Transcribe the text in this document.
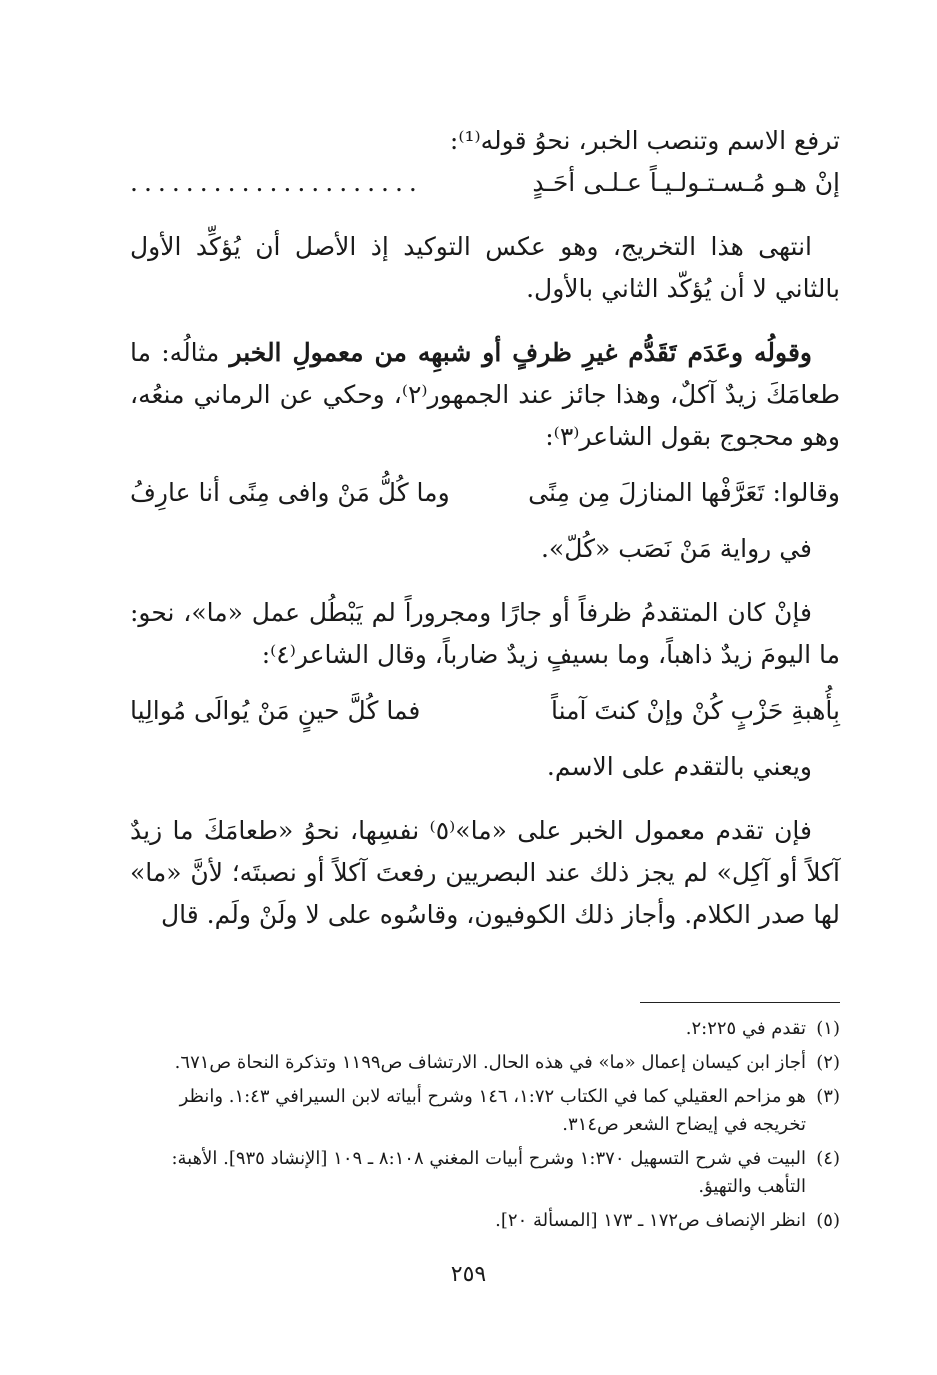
ترفع الاسم وتنصب الخبر، نحوُ قوله⁽¹⁾:

إنْ هـو مُـسـتـولـيـاً عـلـى أحَـدٍ
.....................

انتهى هذا التخريج، وهو عكس التوكيد إذ الأصل أن يُؤكِّد الأول بالثاني لا أن يُؤكّد الثاني بالأول.

وقولُه وعَدَم تَقَدُّم غيرِ ظرفٍ أو شبهِه من معمولِ الخبر مثالُه: ما طعامَكَ زيدٌ آكلٌ، وهذا جائز عند الجمهور⁽٢⁾، وحكي عن الرماني منعُه، وهو محجوج بقول الشاعر⁽٣⁾:

وقالوا: تَعَرَّفْها المنازلَ مِن مِنًى
وما كُلُّ مَنْ وافى مِنًى أنا عارِفُ

في رواية مَنْ نَصَب «كُلّ».

فإنْ كان المتقدمُ ظرفاً أو جارًا ومجروراً لم يَبْطُل عمل «ما»، نحو: ما اليومَ زيدٌ ذاهباً، وما بسيفٍ زيدٌ ضارباً، وقال الشاعر⁽٤⁾:

بِأُهبةِ حَزْبٍ كُنْ وإنْ كنتَ آمناً
فما كُلَّ حينٍ مَنْ يُوالَى مُوالِيا

ويعني بالتقدم على الاسم.

فإن تقدم معمول الخبر على «ما»⁽٥⁾ نفسِها، نحوُ «طعامَكَ ما زيدٌ آكلاً أو آكِل» لم يجز ذلك عند البصريين رفعتَ آكلاً أو نصبتَه؛ لأنَّ «ما» لها صدر الكلام. وأجاز ذلك الكوفيون، وقاسُوه على لا ولَنْ ولَم. قال

(١)
تقدم في ٢:٢٢٥.
(٢)
أجاز ابن كيسان إعمال «ما» في هذه الحال. الارتشاف ص١١٩٩ وتذكرة النحاة ص٦٧١.
(٣)
هو مزاحم العقيلي كما في الكتاب ١:٧٢، ١٤٦ وشرح أبياته لابن السيرافي ١:٤٣. وانظر تخريجه في إيضاح الشعر ص٣١٤.
(٤)
البيت في شرح التسهيل ١:٣٧٠ وشرح أبيات المغني ٨:١٠٨ ـ ١٠٩ [الإنشاد ٩٣٥]. الأهبة: التأهب والتهيؤ.
(٥)
انظر الإنصاف ص١٧٢ ـ ١٧٣ [المسألة ٢٠].
٢٥٩
